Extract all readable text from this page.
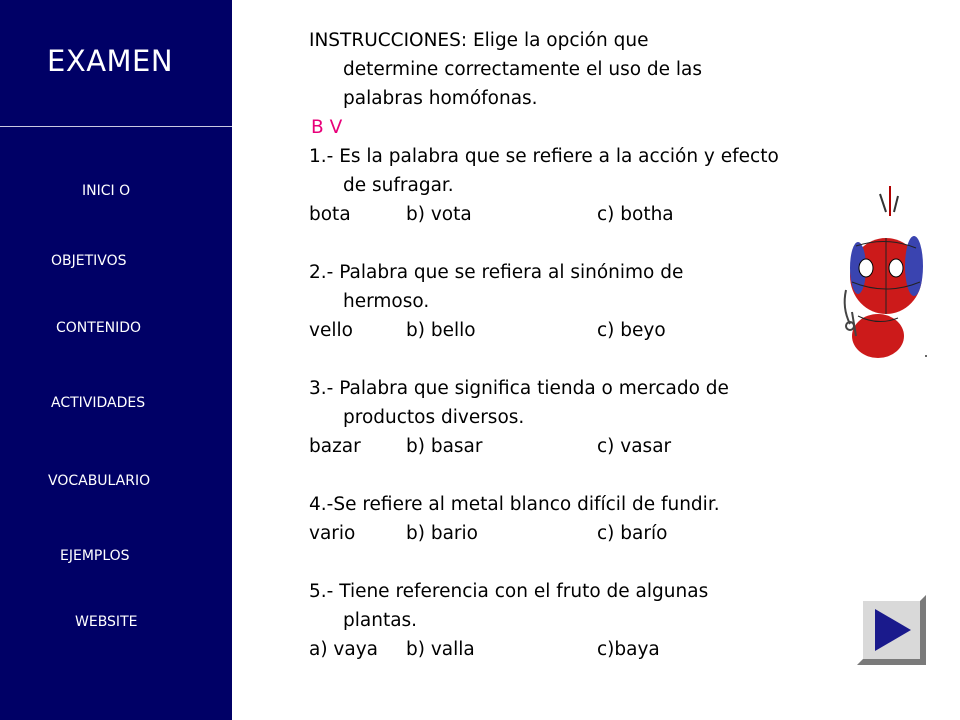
EXAMEN
INICI O
OBJETIVOS
CONTENIDO
ACTIVIDADES
VOCABULARIO
EJEMPLOS
WEBSITE
INSTRUCCIONES: Elige la opción que
determine correctamente el uso de las
palabras homófonas.
B V
1.- Es la palabra que se refiere a la acción y efecto
de sufragar.
bota	b) vota	c) botha
2.- Palabra que se refiera al sinónimo de
hermoso.
vello	b) bello	c) beyo
3.- Palabra que significa tienda o mercado de
productos diversos.
bazar	b) basar	c) vasar
4.-Se refiere al metal blanco difícil de fundir.
vario	b) bario	c) barío
5.- Tiene referencia con el fruto de algunas
plantas.
a) vaya	b) valla	c)baya
